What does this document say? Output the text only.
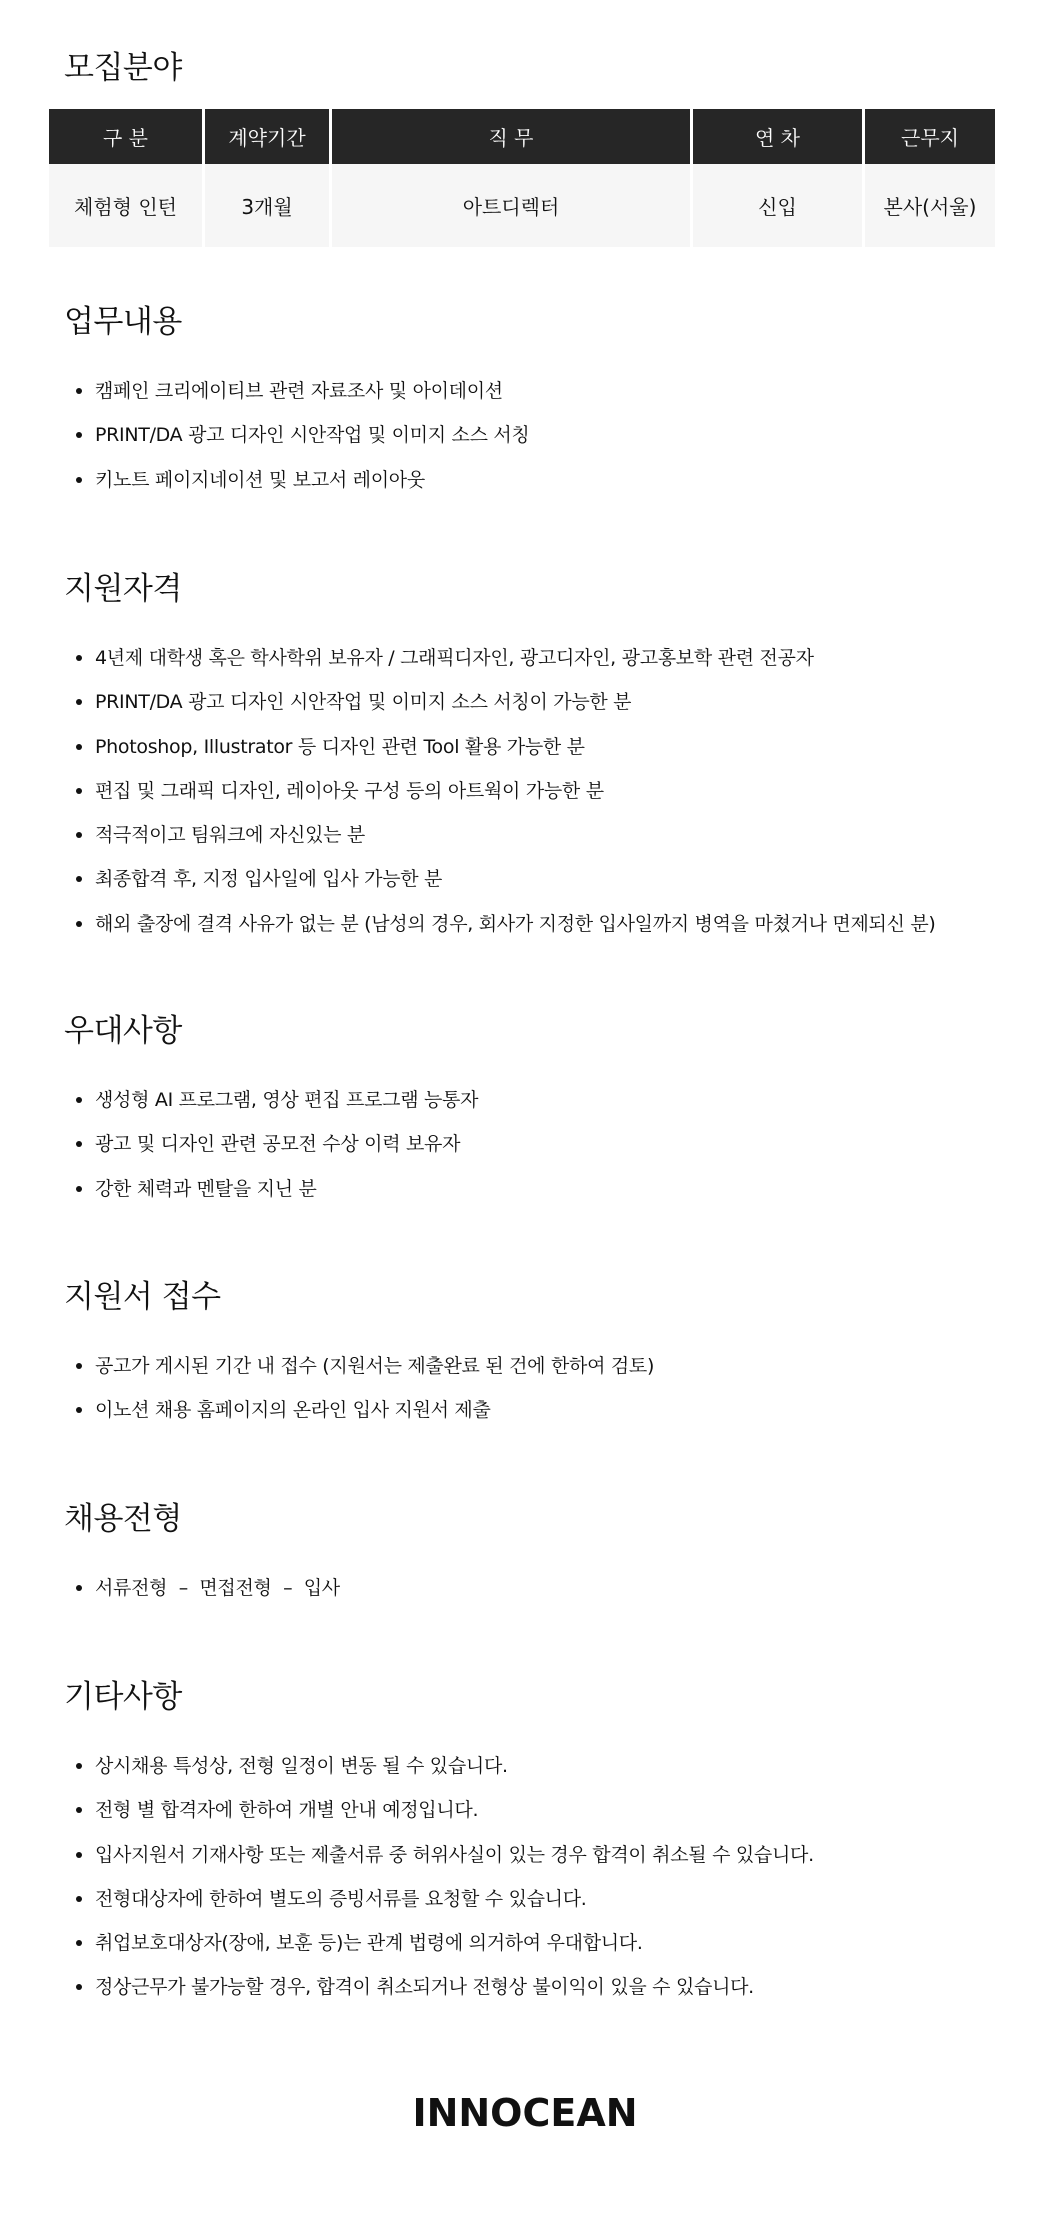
모집분야
구 분	계약기간	직 무	연 차	근무지
체험형 인턴	3개월	아트디렉터	신입	본사(서울)
업무내용
캠페인 크리에이티브 관련 자료조사 및 아이데이션
PRINT/DA 광고 디자인 시안작업 및 이미지 소스 서칭
키노트 페이지네이션 및 보고서 레이아웃
지원자격
4년제 대학생 혹은 학사학위 보유자 / 그래픽디자인, 광고디자인, 광고홍보학 관련 전공자
PRINT/DA 광고 디자인 시안작업 및 이미지 소스 서칭이 가능한 분
Photoshop, Illustrator 등 디자인 관련 Tool 활용 가능한 분
편집 및 그래픽 디자인, 레이아웃 구성 등의 아트웍이 가능한 분
적극적이고 팀워크에 자신있는 분
최종합격 후, 지정 입사일에 입사 가능한 분
해외 출장에 결격 사유가 없는 분 (남성의 경우, 회사가 지정한 입사일까지 병역을 마쳤거나 면제되신 분)
우대사항
생성형 AI 프로그램, 영상 편집 프로그램 능통자
광고 및 디자인 관련 공모전 수상 이력 보유자
강한 체력과 멘탈을 지닌 분
지원서 접수
공고가 게시된 기간 내 접수 (지원서는 제출완료 된 건에 한하여 검토)
이노션 채용 홈페이지의 온라인 입사 지원서 제출
채용전형
서류전형  –  면접전형  –  입사
기타사항
상시채용 특성상, 전형 일정이 변동 될 수 있습니다.
전형 별 합격자에 한하여 개별 안내 예정입니다.
입사지원서 기재사항 또는 제출서류 중 허위사실이 있는 경우 합격이 취소될 수 있습니다.
전형대상자에 한하여 별도의 증빙서류를 요청할 수 있습니다.
취업보호대상자(장애, 보훈 등)는 관계 법령에 의거하여 우대합니다.
정상근무가 불가능할 경우, 합격이 취소되거나 전형상 불이익이 있을 수 있습니다.
INNOCEAN
